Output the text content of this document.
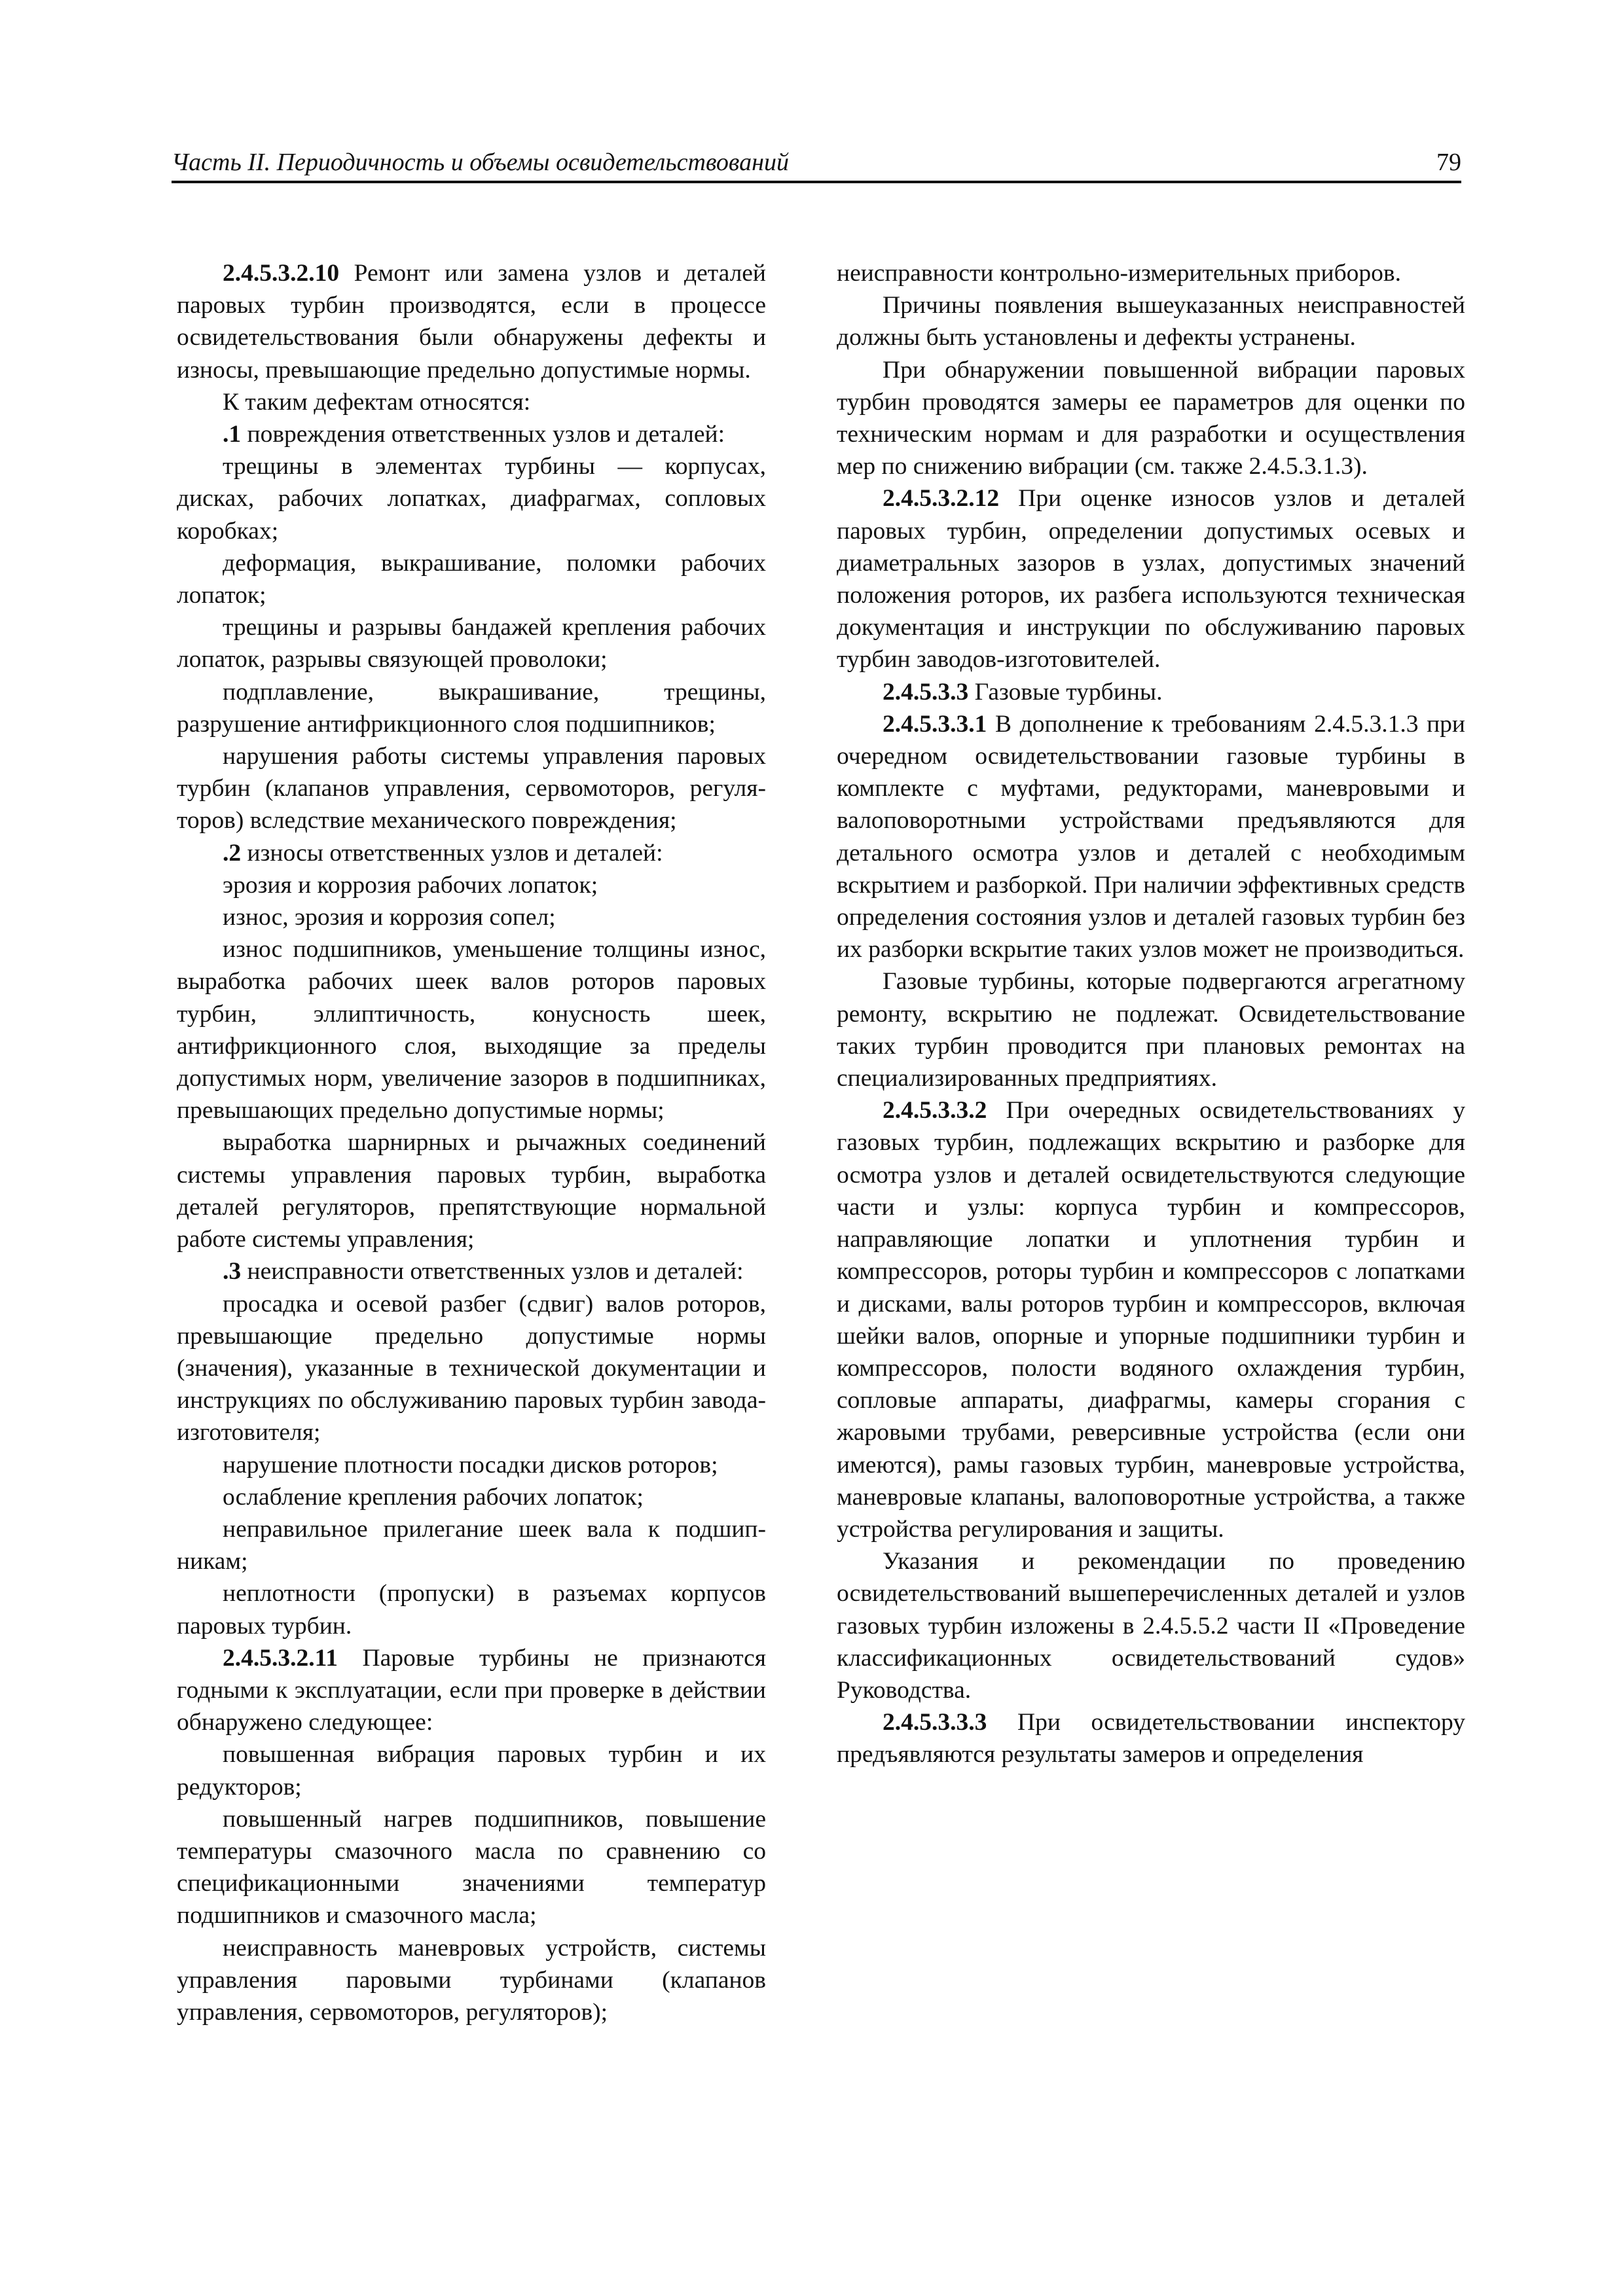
Часть II. Периодичность и объемы освидетельствований	79

2.4.5.3.2.10 Ремонт или замена узлов и деталей паровых турбин производятся, если в процессе освидетельствования были обнаружены дефекты и износы, превышающие предельно допустимые нормы.

К таким дефектам относятся:

.1 повреждения ответственных узлов и деталей:

трещины в элементах турбины — корпусах, дисках, рабочих лопатках, диафрагмах, сопловых коробках;

деформация, выкрашивание, поломки рабочих лопаток;

трещины и разрывы бандажей крепления рабочих лопаток, разрывы связующей проволоки;

подплавление, выкрашивание, трещины, разрушение антифрикционного слоя подшипников;

нарушения работы системы управления паровых турбин (клапанов управления, сервомоторов, регуляторов) вследствие механического повреждения;

.2 износы ответственных узлов и деталей:

эрозия и коррозия рабочих лопаток;

износ, эрозия и коррозия сопел;

износ подшипников, уменьшение толщины износ, выработка рабочих шеек валов роторов паровых турбин, эллиптичность, конусность шеек, антифрикционного слоя, выходящие за пределы допустимых норм, увеличение зазоров в подшипниках, превышающих предельно допустимые нормы;

выработка шарнирных и рычажных соединений системы управления паровых турбин, выработка деталей регуляторов, препятствующие нормальной работе системы управления;

.3 неисправности ответственных узлов и деталей:

просадка и осевой разбег (сдвиг) валов роторов, превышающие предельно допустимые нормы (значения), указанные в технической документации и инструкциях по обслуживанию паровых турбин завода-изготовителя;

нарушение плотности посадки дисков роторов;

ослабление крепления рабочих лопаток;

неправильное прилегание шеек вала к подшипникам;

неплотности (пропуски) в разъемах корпусов паровых турбин.

2.4.5.3.2.11 Паровые турбины не признаются годными к эксплуатации, если при проверке в действии обнаружено следующее:

повышенная вибрация паровых турбин и их редукторов;

повышенный нагрев подшипников, повышение температуры смазочного масла по сравнению со спецификационными значениями температур подшипников и смазочного масла;

неисправность маневровых устройств, системы управления паровыми турбинами (клапанов управления, сервомоторов, регуляторов);

неисправности контрольно-измерительных приборов.

Причины появления вышеуказанных неисправностей должны быть установлены и дефекты устранены.

При обнаружении повышенной вибрации паровых турбин проводятся замеры ее параметров для оценки по техническим нормам и для разработки и осуществления мер по снижению вибрации (см. также 2.4.5.3.1.3).

2.4.5.3.2.12 При оценке износов узлов и деталей паровых турбин, определении допустимых осевых и диаметральных зазоров в узлах, допустимых значений положения роторов, их разбега используются техническая документация и инструкции по обслуживанию паровых турбин заводов-изготовителей.

2.4.5.3.3 Газовые турбины.

2.4.5.3.3.1 В дополнение к требованиям 2.4.5.3.1.3 при очередном освидетельствовании газовые турбины в комплекте с муфтами, редукторами, маневровыми и валоповоротными устройствами предъявляются для детального осмотра узлов и деталей с необходимым вскрытием и разборкой. При наличии эффективных средств определения состояния узлов и деталей газовых турбин без их разборки вскрытие таких узлов может не производиться.

Газовые турбины, которые подвергаются агрегатному ремонту, вскрытию не подлежат. Освидетельствование таких турбин проводится при плановых ремонтах на специализированных предприятиях.

2.4.5.3.3.2 При очередных освидетельствованиях у газовых турбин, подлежащих вскрытию и разборке для осмотра узлов и деталей освидетельствуются следующие части и узлы: корпуса турбин и компрессоров, направляющие лопатки и уплотнения турбин и компрессоров, роторы турбин и компрессоров с лопатками и дисками, валы роторов турбин и компрессоров, включая шейки валов, опорные и упорные подшипники турбин и компрессоров, полости водяного охлаждения турбин, сопловые аппараты, диафрагмы, камеры сгорания с жаровыми трубами, реверсивные устройства (если они имеются), рамы газовых турбин, маневровые устройства, маневровые клапаны, валоповоротные устройства, а также устройства регулирования и защиты.

Указания и рекомендации по проведению освидетельствований вышеперечисленных деталей и узлов газовых турбин изложены в 2.4.5.5.2 части II «Проведение классификационных освидетельствований судов» Руководства.

2.4.5.3.3.3 При освидетельствовании инспектору предъявляются результаты замеров и определения
